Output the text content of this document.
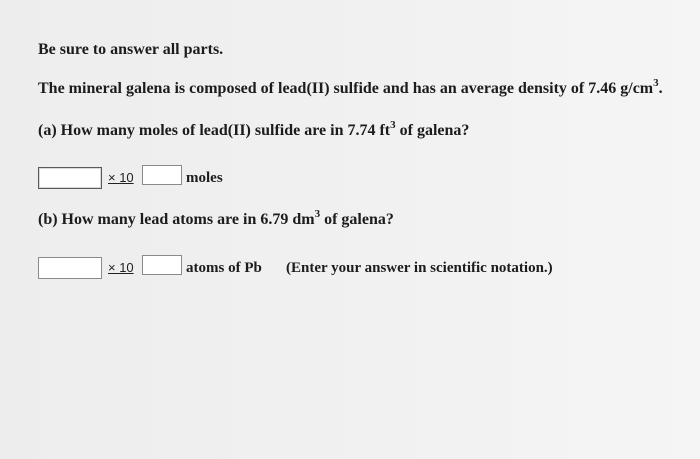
Be sure to answer all parts.
The mineral galena is composed of lead(II) sulfide and has an average density of 7.46 $g/cm^3$.
(a) How many moles of lead(II) sulfide are in 7.74 $ft^3$ of galena?
× 10	moles
(b) How many lead atoms are in 6.79 $dm^3$ of galena?
× 10	atoms of Pb (Enter your answer in scientific notation.)
